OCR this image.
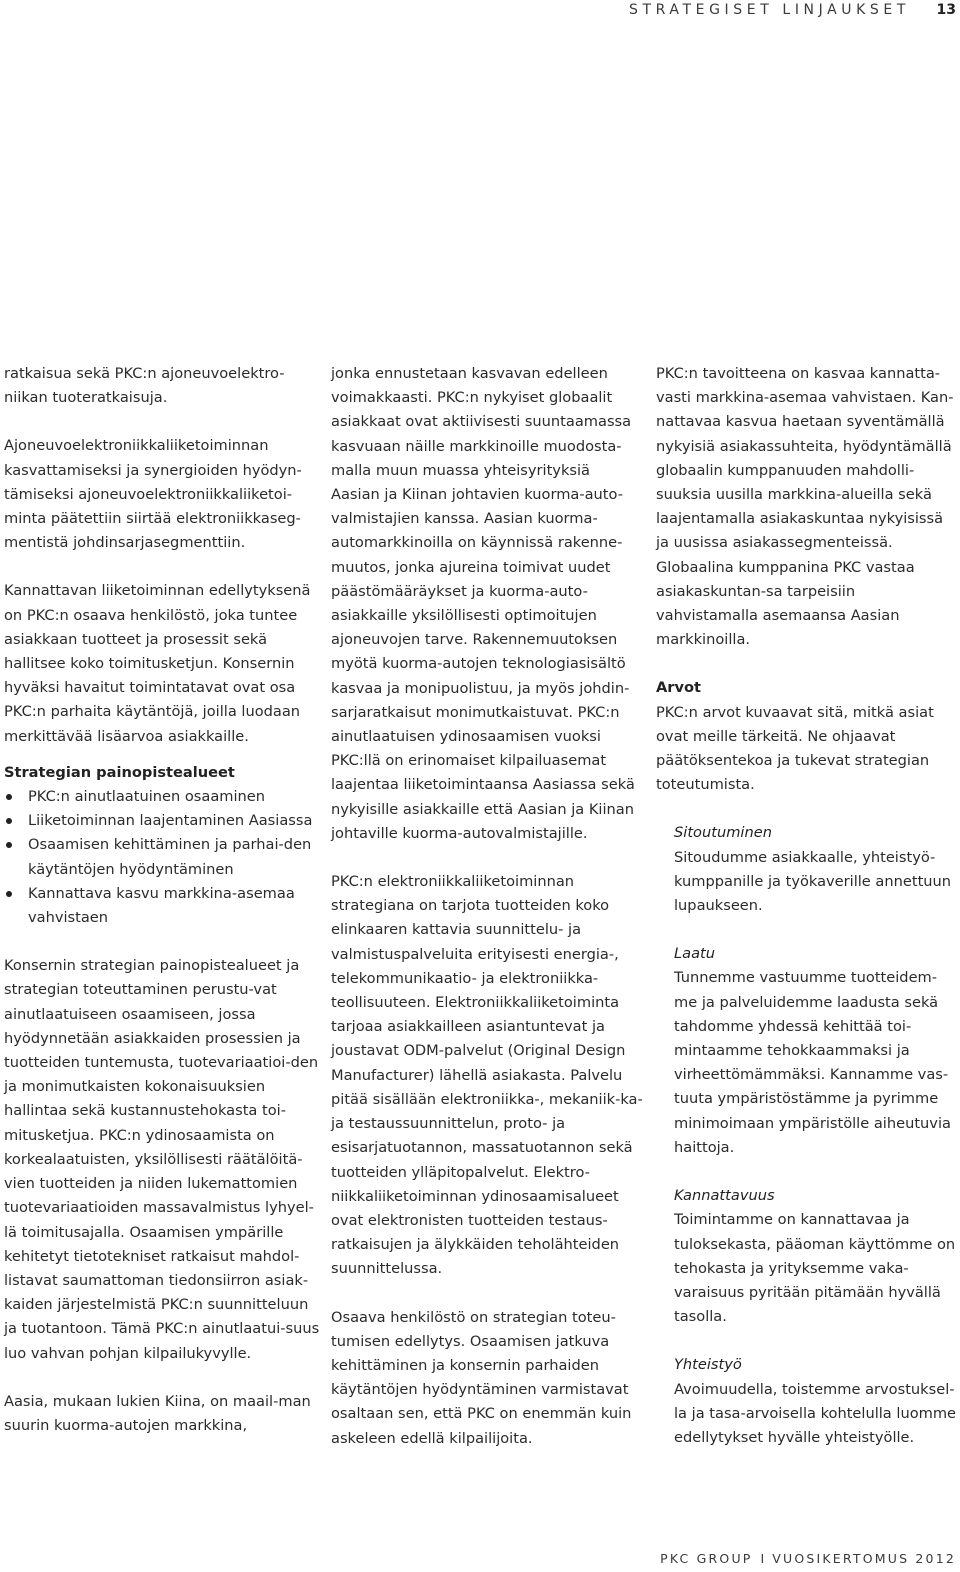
STRATEGISET LINJAUKSET 13

ratkaisua sekä PKC:n ajoneuvoelektro-niikan tuoteratkaisuja.

Ajoneuvoelektroniikkaliiketoiminnan kasvattamiseksi ja synergioiden hyödyn-tämiseksi ajoneuvoelektroniikkaliiketoi-minta päätettiin siirtää elektroniikkaseg-mentistä johdinsarjasegmenttiin.

Kannattavan liiketoiminnan edellytyksenä on PKC:n osaava henkilöstö, joka tuntee asiakkaan tuotteet ja prosessit sekä hallitsee koko toimitusketjun. Konsernin hyväksi havaitut toimintatavat ovat osa PKC:n parhaita käytäntöjä, joilla luodaan merkittävää lisäarvoa asiakkaille.

Strategian painopistealueet

PKC:n ainutlaatuinen osaaminen
Liiketoiminnan laajentaminen Aasiassa
Osaamisen kehittäminen ja parhai-den käytäntöjen hyödyntäminen
Kannattava kasvu markkina-asemaa vahvistaen

Konsernin strategian painopistealueet ja strategian toteuttaminen perustu-vat ainutlaatuiseen osaamiseen, jossa hyödynnetään asiakkaiden prosessien ja tuotteiden tuntemusta, tuotevariaatioi-den ja monimutkaisten kokonaisuuksien hallintaa sekä kustannustehokasta toi-mitusketjua. PKC:n ydinosaamista on korkealaatuisten, yksilöllisesti räätälöitä-vien tuotteiden ja niiden lukemattomien tuotevariaatioiden massavalmistus lyhyel-lä toimitusajalla. Osaamisen ympärille kehitetyt tietotekniset ratkaisut mahdol-listavat saumattoman tiedonsiirron asiak-kaiden järjestelmistä PKC:n suunnitteluun ja tuotantoon. Tämä PKC:n ainutlaatui-suus luo vahvan pohjan kilpailukyvylle.

Aasia, mukaan lukien Kiina, on maail-man suurin kuorma-autojen markkina,

jonka ennustetaan kasvavan edelleen voimakkaasti. PKC:n nykyiset globaalit asiakkaat ovat aktiivisesti suuntaamassa kasvuaan näille markkinoille muodosta-malla muun muassa yhteisyrityksiä Aasian ja Kiinan johtavien kuorma-auto-valmistajien kanssa. Aasian kuorma-automarkkinoilla on käynnissä rakenne-muutos, jonka ajureina toimivat uudet päästömääräykset ja kuorma-auto-asiakkaille yksilöllisesti optimoitujen ajoneuvojen tarve. Rakennemuutoksen myötä kuorma-autojen teknologiasisältö kasvaa ja monipuolistuu, ja myös johdin-sarjaratkaisut monimutkaistuvat. PKC:n ainutlaatuisen ydinosaamisen vuoksi PKC:llä on erinomaiset kilpailuasemat laajentaa liiketoimintaansa Aasiassa sekä nykyisille asiakkaille että Aasian ja Kiinan johtaville kuorma-autovalmistajille.

PKC:n elektroniikkaliiketoiminnan strategiana on tarjota tuotteiden koko elinkaaren kattavia suunnittelu- ja valmistuspalveluita erityisesti energia-, telekommunikaatio- ja elektroniikka-teollisuuteen. Elektroniikkaliiketoiminta tarjoaa asiakkailleen asiantuntevat ja joustavat ODM-palvelut (Original Design Manufacturer) lähellä asiakasta. Palvelu pitää sisällään elektroniikka-, mekaniik-ka- ja testaussuunnittelun, proto- ja esisarjatuotannon, massatuotannon sekä tuotteiden ylläpitopalvelut. Elektro-niikkaliiketoiminnan ydinosaamisalueet ovat elektronisten tuotteiden testaus-ratkaisujen ja älykkäiden teholähteiden suunnittelussa.

Osaava henkilöstö on strategian toteu-tumisen edellytys. Osaamisen jatkuva kehittäminen ja konsernin parhaiden käytäntöjen hyödyntäminen varmistavat osaltaan sen, että PKC on enemmän kuin askeleen edellä kilpailijoita.

PKC:n tavoitteena on kasvaa kannatta-vasti markkina-asemaa vahvistaen. Kan-nattavaa kasvua haetaan syventämällä nykyisiä asiakassuhteita, hyödyntämällä globaalin kumppanuuden mahdolli-suuksia uusilla markkina-alueilla sekä laajentamalla asiakaskuntaa nykyisissä ja uusissa asiakassegmenteissä. Globaalina kumppanina PKC vastaa asiakaskuntan-sa tarpeisiin vahvistamalla asemaansa Aasian markkinoilla.

Arvot

PKC:n arvot kuvaavat sitä, mitkä asiat ovat meille tärkeitä. Ne ohjaavat päätöksentekoa ja tukevat strategian toteutumista.

Sitoutuminen

Sitoudumme asiakkaalle, yhteistyö-kumppanille ja työkaverille annettuun lupaukseen.

Laatu

Tunnemme vastuumme tuotteidem-me ja palveluidemme laadusta sekä tahdomme yhdessä kehittää toi-mintaamme tehokkaammaksi ja virheettömämmäksi. Kannamme vas-tuuta ympäristöstämme ja pyrimme minimoimaan ympäristölle aiheutuvia haittoja.

Kannattavuus

Toimintamme on kannattavaa ja tuloksekasta, pääoman käyttömme on tehokasta ja yrityksemme vaka-varaisuus pyritään pitämään hyvällä tasolla.

Yhteistyö

Avoimuudella, toistemme arvostuksel-la ja tasa-arvoisella kohtelulla luomme edellytykset hyvälle yhteistyölle.

PKC GROUP I VUOSIKERTOMUS 2012
